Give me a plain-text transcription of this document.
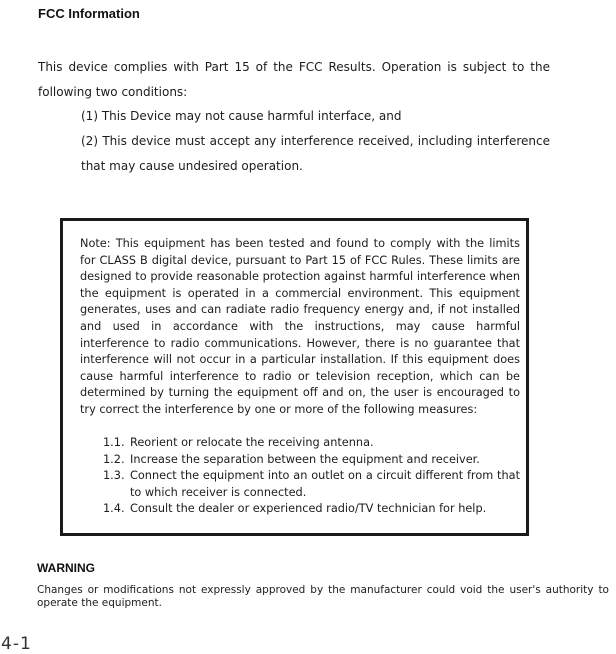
FCC Information
This device complies with Part 15 of the FCC Results. Operation is subject to the following two conditions:
(1) This Device may not cause harmful interface, and
(2) This device must accept any interference received, including interference that may cause undesired operation.
Note: This equipment has been tested and found to comply with the limits for CLASS B digital device, pursuant to Part 15 of FCC Rules. These limits are designed to provide reasonable protection against harmful interference when the equipment is operated in a commercial environment. This equipment generates, uses and can radiate radio frequency energy and, if not installed and used in accordance with the instructions, may cause harmful interference to radio communications. However, there is no guarantee that interference will not occur in a particular installation. If this equipment does cause harmful interference to radio or television reception, which can be determined by turning the equipment off and on, the user is encouraged to try correct the interference by one or more of the following measures:
1.1. Reorient or relocate the receiving antenna.
1.2. Increase the separation between the equipment and receiver.
1.3. Connect the equipment into an outlet on a circuit different from that to which receiver is connected.
1.4. Consult the dealer or experienced radio/TV technician for help.
WARNING
Changes or modifications not expressly approved by the manufacturer could void the user's authority to operate the equipment.
4-1
